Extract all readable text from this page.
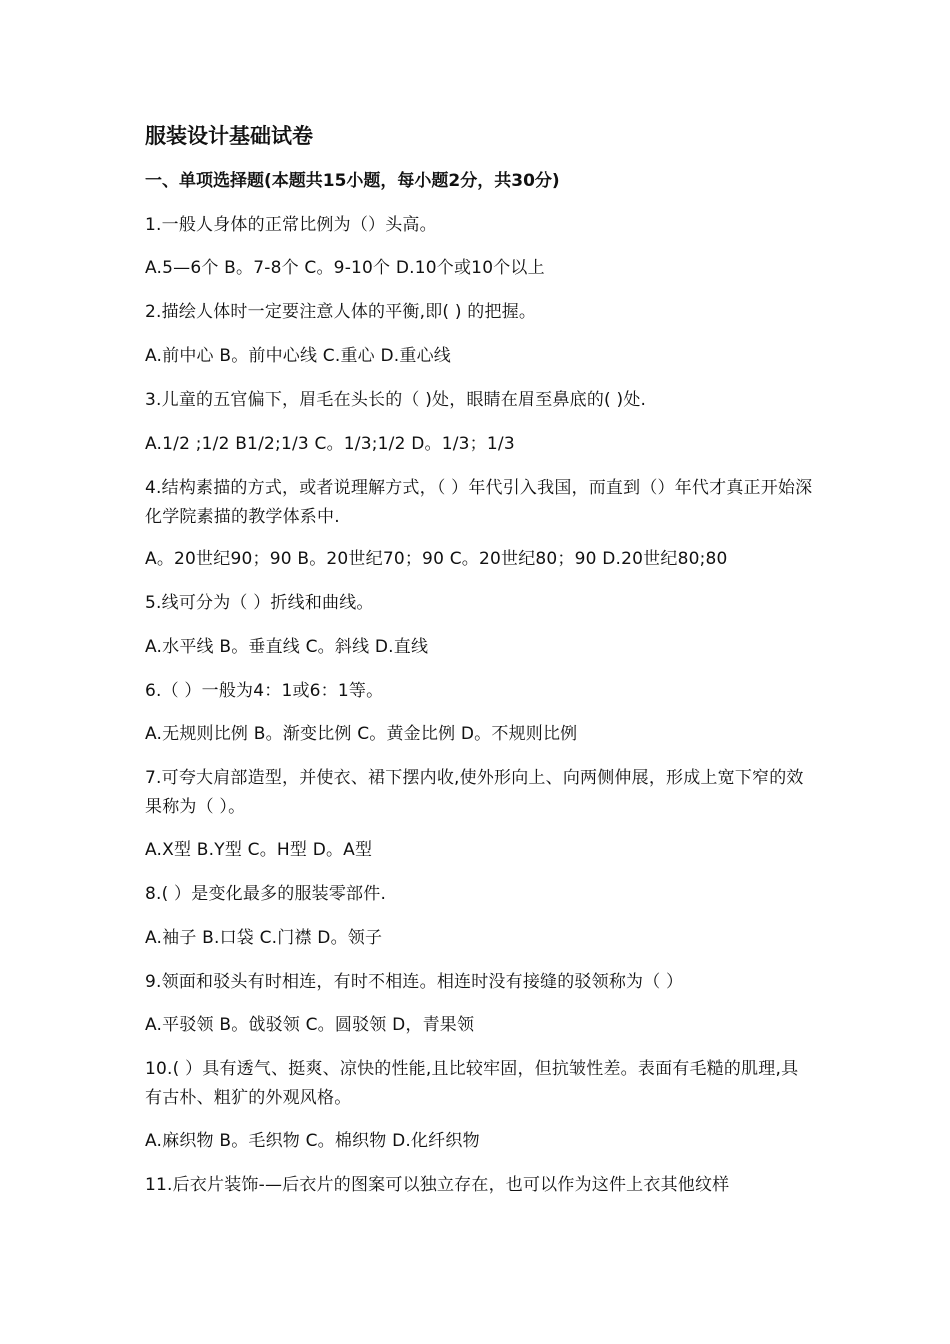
服装设计基础试卷
一、单项选择题(本题共15小题，每小题2分，共30分)
1.一般人身体的正常比例为（）头高。
A.5—6个 B。7-8个 C。9-10个 D.10个或10个以上
2.描绘人体时一定要注意人体的平衡,即( ) 的把握。
A.前中心 B。前中心线 C.重心 D.重心线
3.儿童的五官偏下，眉毛在头长的（ )处，眼睛在眉至鼻底的( )处.
A.1/2 ;1/2 B1/2;1/3 C。1/3;1/2 D。1/3；1/3
4.结构素描的方式，或者说理解方式，（ ）年代引入我国，而直到（）年代才真正开始深化学院素描的教学体系中.
A。20世纪90；90 B。20世纪70；90 C。20世纪80；90 D.20世纪80;80
5.线可分为（ ）折线和曲线。
A.水平线 B。垂直线 C。斜线 D.直线
6.（ ）一般为4：1或6：1等。
A.无规则比例 B。渐变比例 C。黄金比例 D。不规则比例
7.可夸大肩部造型，并使衣、裙下摆内收,使外形向上、向两侧伸展，形成上宽下窄的效果称为（ ）。
A.X型 B.Y型 C。H型 D。A型
8.( ）是变化最多的服装零部件.
A.袖子 B.口袋 C.门襟 D。领子
9.领面和驳头有时相连，有时不相连。相连时没有接缝的驳领称为（ ）
A.平驳领 B。戗驳领 C。圆驳领 D，青果领
10.( ）具有透气、挺爽、凉快的性能,且比较牢固，但抗皱性差。表面有毛糙的肌理,具有古朴、粗犷的外观风格。
A.麻织物 B。毛织物 C。棉织物 D.化纤织物
11.后衣片装饰-—后衣片的图案可以独立存在，也可以作为这件上衣其他纹样
